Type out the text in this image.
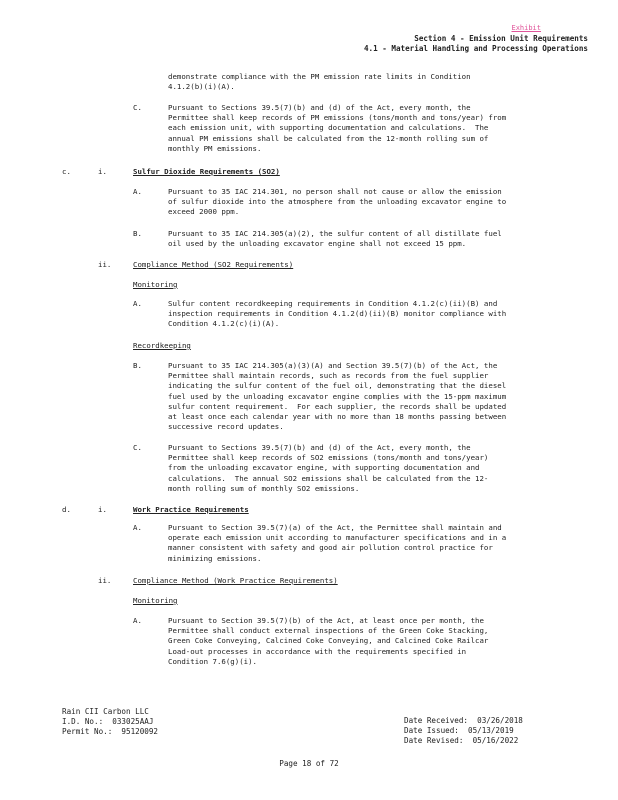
Exhibit
Section 4 - Emission Unit Requirements
4.1 - Material Handling and Processing Operations
demonstrate compliance with the PM emission rate limits in Condition
4.1.2(b)(i)(A).
C.	Pursuant to Sections 39.5(7)(b) and (d) of the Act, every month, the
Permittee shall keep records of PM emissions (tons/month and tons/year) from
each emission unit, with supporting documentation and calculations.  The
annual PM emissions shall be calculated from the 12-month rolling sum of
monthly PM emissions.
c.	i.	Sulfur Dioxide Requirements (SO2)
A.	Pursuant to 35 IAC 214.301, no person shall not cause or allow the emission
of sulfur dioxide into the atmosphere from the unloading excavator engine to
exceed 2000 ppm.
B.	Pursuant to 35 IAC 214.305(a)(2), the sulfur content of all distillate fuel
oil used by the unloading excavator engine shall not exceed 15 ppm.
ii.	Compliance Method (SO2 Requirements)
Monitoring
A.	Sulfur content recordkeeping requirements in Condition 4.1.2(c)(ii)(B) and
inspection requirements in Condition 4.1.2(d)(ii)(B) monitor compliance with
Condition 4.1.2(c)(i)(A).
Recordkeeping
B.	Pursuant to 35 IAC 214.305(a)(3)(A) and Section 39.5(7)(b) of the Act, the
Permittee shall maintain records, such as records from the fuel supplier
indicating the sulfur content of the fuel oil, demonstrating that the diesel
fuel used by the unloading excavator engine complies with the 15-ppm maximum
sulfur content requirement.  For each supplier, the records shall be updated
at least once each calendar year with no more than 18 months passing between
successive record updates.
C.	Pursuant to Sections 39.5(7)(b) and (d) of the Act, every month, the
Permittee shall keep records of SO2 emissions (tons/month and tons/year)
from the unloading excavator engine, with supporting documentation and
calculations.  The annual SO2 emissions shall be calculated from the 12-
month rolling sum of monthly SO2 emissions.
d.	i.	Work Practice Requirements
A.	Pursuant to Section 39.5(7)(a) of the Act, the Permittee shall maintain and
operate each emission unit according to manufacturer specifications and in a
manner consistent with safety and good air pollution control practice for
minimizing emissions.
ii.	Compliance Method (Work Practice Requirements)
Monitoring
A.	Pursuant to Section 39.5(7)(b) of the Act, at least once per month, the
Permittee shall conduct external inspections of the Green Coke Stacking,
Green Coke Conveying, Calcined Coke Conveying, and Calcined Coke Railcar
Load-out processes in accordance with the requirements specified in
Condition 7.6(g)(i).
Rain CII Carbon LLC
I.D. No.:  033025AAJ
Permit No.:  95120092
Date Received:  03/26/2018
Date Issued:  05/13/2019
Date Revised:  05/16/2022
Page 18 of 72
